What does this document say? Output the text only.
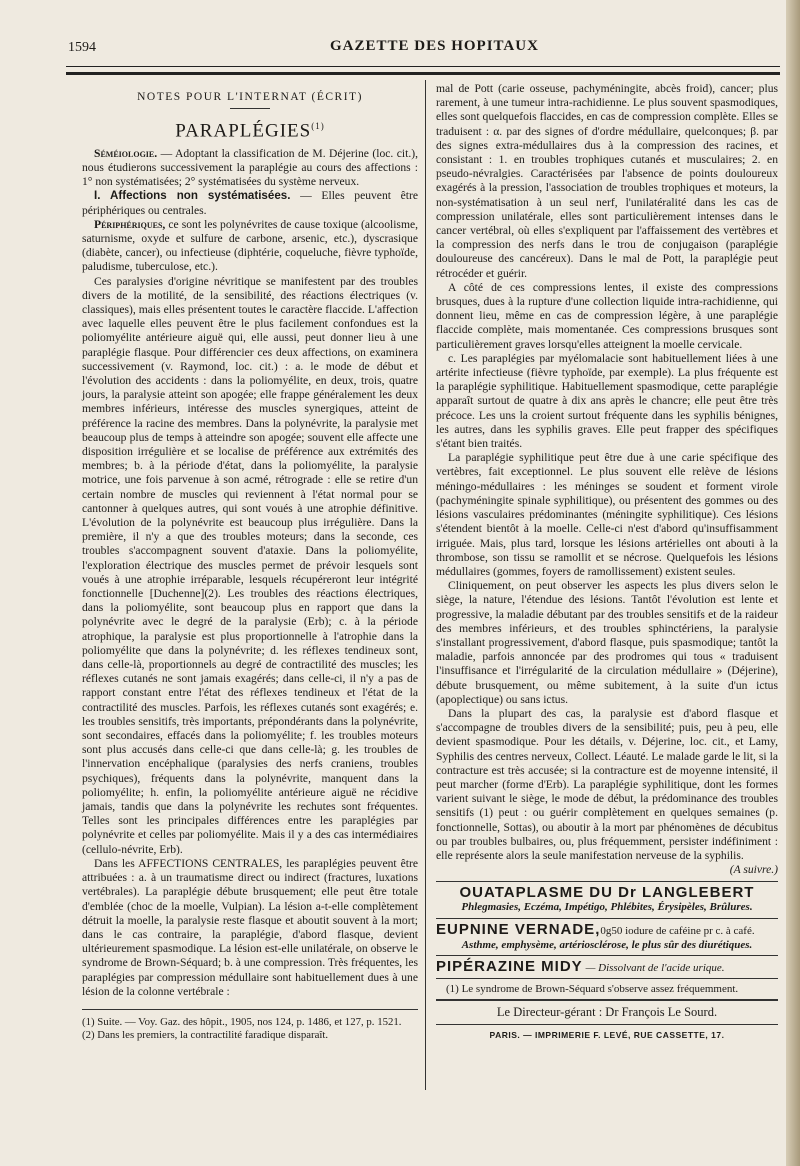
1594	GAZETTE DES HOPITAUX
NOTES POUR L'INTERNAT (ÉCRIT)
PARAPLÉGIES$^{(1)}$

Séméiologie. — Adoptant la classification de M. Déjerine (loc. cit.), nous étudierons successivement la paraplégie au cours des affections : 1° non systématisées; 2° systématisées du système nerveux.

I. Affections non systématisées. — Elles peuvent être périphériques ou centrales.

Périphériques, ce sont les polynévrites de cause toxique (alcoolisme, saturnisme, oxyde et sulfure de carbone, arsenic, etc.), dyscrasique (diabète, cancer), ou infectieuse (diphtérie, coqueluche, fièvre typhoïde, paludisme, tuberculose, etc.).

Ces paralysies d'origine névritique se manifestent par des troubles divers de la motilité, de la sensibilité, des réactions électriques (v. classiques), mais elles présentent toutes le caractère flaccide. L'affection avec laquelle elles peuvent être le plus facilement confondues est la poliomyélite antérieure aiguë qui, elle aussi, peut donner lieu à une paraplégie flasque. Pour différencier ces deux affections, on examinera successivement (v. Raymond, loc. cit.) : a. le mode de début et l'évolution des accidents : dans la poliomyélite, en deux, trois, quatre jours, la paralysie atteint son apogée; elle frappe généralement les deux membres inférieurs, intéresse des muscles synergiques, atteint de préférence la racine des membres. Dans la polynévrite, la paralysie met beaucoup plus de temps à atteindre son apogée; souvent elle affecte une disposition irrégulière et se localise de préférence aux extrémités des membres; b. à la période d'état, dans la poliomyélite, la paralysie motrice, une fois parvenue à son acmé, rétrograde : elle se retire d'un certain nombre de muscles qui reviennent à l'état normal pour se cantonner à quelques autres, qui sont voués à une atrophie définitive. L'évolution de la polynévrite est beaucoup plus irrégulière. Dans la première, il n'y a que des troubles moteurs; dans la seconde, ces troubles s'accompagnent souvent d'ataxie. Dans la poliomyélite, l'exploration électrique des muscles permet de prévoir lesquels sont voués à une atrophie irréparable, lesquels récupéreront leur intégrité fonctionnelle [Duchenne](2). Les troubles des réactions électriques, dans la poliomyélite, sont beaucoup plus en rapport que dans la polynévrite avec le degré de la paralysie (Erb); c. à la période atrophique, la paralysie est plus proportionnelle à l'atrophie dans la poliomyélite que dans la polynévrite; d. les réflexes tendineux sont, dans celle-là, proportionnels au degré de contractilité des muscles; les réflexes cutanés ne sont jamais exagérés; dans celle-ci, il n'y a pas de rapport constant entre l'état des réflexes tendineux et l'état de la contractilité des muscles. Parfois, les réflexes cutanés sont exagérés; e. les troubles sensitifs, très importants, prépondérants dans la polynévrite, sont secondaires, effacés dans la poliomyélite; f. les troubles moteurs sont plus accusés dans celle-ci que dans celle-là; g. les troubles de l'innervation encéphalique (paralysies des nerfs craniens, troubles psychiques), fréquents dans la polynévrite, manquent dans la poliomyélite; h. enfin, la poliomyélite antérieure aiguë ne récidive jamais, tandis que dans la polynévrite les rechutes sont fréquentes. Telles sont les principales différences entre les paraplégies par polynévrite et celles par poliomyélite. Mais il y a des cas intermédiaires (cellulo-névrite, Erb).

Dans les AFFECTIONS CENTRALES, les paraplégies peuvent être attribuées : a. à un traumatisme direct ou indirect (fractures, luxations vertébrales). La paraplégie débute brusquement; elle peut être totale d'emblée (choc de la moelle, Vulpian). La lésion a-t-elle complètement détruit la moelle, la paralysie reste flasque et aboutit souvent à la mort; dans le cas contraire, la paraplégie, d'abord flasque, devient ultérieurement spasmodique. La lésion est-elle unilatérale, on observe le syndrome de Brown-Séquard; b. à une compression. Très fréquentes, les paraplégies par compression médullaire sont habituellement dues à une lésion de la colonne vertébrale :

(1) Suite. — Voy. Gaz. des hôpit., 1905, nos 124, p. 1486, et 127, p. 1521.

(2) Dans les premiers, la contractilité faradique disparaît.

mal de Pott (carie osseuse, pachyméningite, abcès froid), cancer; plus rarement, à une tumeur intra-rachidienne. Le plus souvent spasmodiques, elles sont quelquefois flaccides, en cas de compression complète. Elles se traduisent : α. par des signes of d'ordre médullaire, quelconques; β. par des signes extra-médullaires dus à la compression des racines, et consistant : 1. en troubles trophiques cutanés et musculaires; 2. en pseudo-névralgies. Caractérisées par l'absence de points douloureux exagérés à la pression, l'association de troubles trophiques et moteurs, la non-systématisation à un seul nerf, l'unilatéralité dans les cas de compression unilatérale, elles sont particulièrement intenses dans le cancer vertébral, où elles s'expliquent par l'affaissement des vertèbres et la compression des nerfs dans le trou de conjugaison (paraplégie douloureuse des cancéreux). Dans le mal de Pott, la paraplégie peut rétrocéder et guérir.

A côté de ces compressions lentes, il existe des compressions brusques, dues à la rupture d'une collection liquide intra-rachidienne, qui donnent lieu, même en cas de compression légère, à une paraplégie flaccide complète, mais momentanée. Ces compressions brusques sont particulièrement graves lorsqu'elles atteignent la moelle cervicale.

c. Les paraplégies par myélomalacie sont habituellement liées à une artérite infectieuse (fièvre typhoïde, par exemple). La plus fréquente est la paraplégie syphilitique. Habituellement spasmodique, cette paraplégie apparaît surtout de quatre à dix ans après le chancre; elle peut être très précoce. Les uns la croient surtout fréquente dans les syphilis bénignes, les autres, dans les syphilis graves. Elle peut frapper des spécifiques s'étant bien traités.

La paraplégie syphilitique peut être due à une carie spécifique des vertèbres, fait exceptionnel. Le plus souvent elle relève de lésions méningo-médullaires : les méninges se soudent et forment virole (pachyméningite spinale syphilitique), ou présentent des gommes ou des lésions vasculaires prédominantes (méningite syphilitique). Ces lésions s'étendent bientôt à la moelle. Celle-ci n'est d'abord qu'insuffisamment irriguée. Mais, plus tard, lorsque les lésions artérielles ont abouti à la thrombose, son tissu se ramollit et se nécrose. Quelquefois les lésions médullaires (gommes, foyers de ramollissement) existent seules.

Cliniquement, on peut observer les aspects les plus divers selon le siège, la nature, l'étendue des lésions. Tantôt l'évolution est lente et progressive, la maladie débutant par des troubles sensitifs et de la raideur des membres inférieurs, et des troubles sphinctériens, la paralysie s'installant progressivement, d'abord flasque, puis spasmodique; tantôt la maladie, parfois annoncée par des prodromes qui tous « traduisent l'insuffisance et l'irrégularité de la circulation médullaire » (Déjerine), débute brusquement, ou même subitement, à la suite d'un ictus (apoplectique) ou sans ictus.

Dans la plupart des cas, la paralysie est d'abord flasque et s'accompagne de troubles divers de la sensibilité; puis, peu à peu, elle devient spasmodique. Pour les détails, v. Déjerine, loc. cit., et Lamy, Syphilis des centres nerveux, Collect. Léauté. Le malade garde le lit, si la contracture est très accusée; si la contracture est de moyenne intensité, il peut marcher (forme d'Erb). La paraplégie syphilitique, dont les formes varient suivant le siège, le mode de début, la prédominance des troubles sensitifs (1) peut : ou guérir complètement en quelques semaines (p. fonctionnelle, Sottas), ou aboutir à la mort par phénomènes de décubitus ou par troubles bulbaires, ou, plus fréquemment, persister indéfiniment : elle représente alors la seule manifestation nerveuse de la syphilis.
(A suivre.)

OUATAPLASME DU Dr LANGLEBERT
Phlegmasies, Eczéma, Impétigo, Phlébites, Érysipèles, Brûlures.
EUPNINE VERNADE,0g50 iodure de caféine pr c. à café.
Asthme, emphysème, artériosclérose, le plus sûr des diurétiques.
PIPÉRAZINE MIDY — Dissolvant de l'acide urique.
(1) Le syndrome de Brown-Séquard s'observe assez fréquemment.
Le Directeur-gérant : Dr François Le Sourd.
PARIS. — IMPRIMERIE F. LEVÉ, RUE CASSETTE, 17.
